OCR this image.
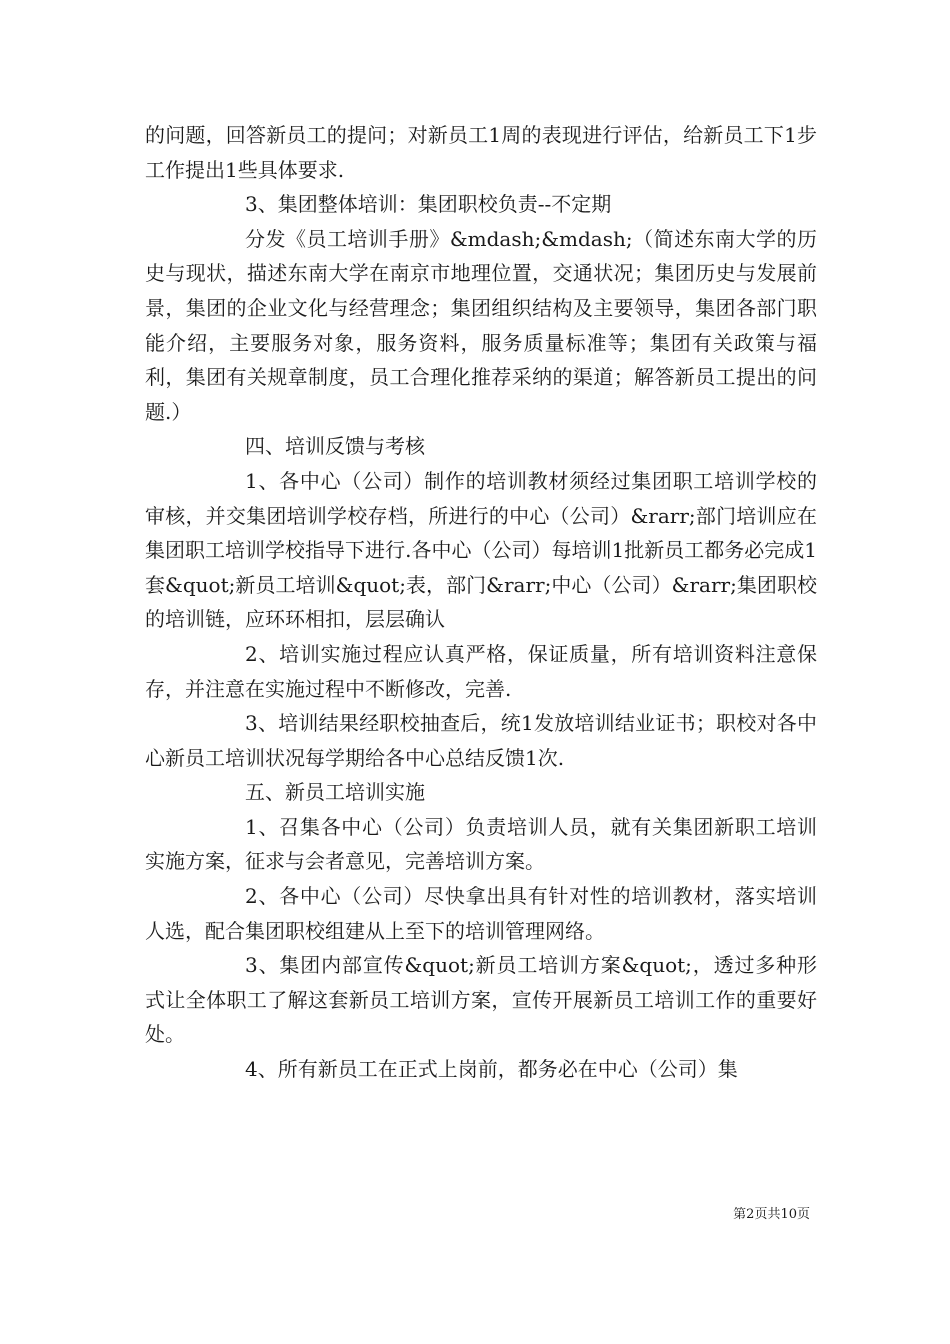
的问题，回答新员工的提问；对新员工1周的表现进行评估，给新员工下1步工作提出1些具体要求.

3、集团整体培训：集团职校负责--不定期

分发《员工培训手册》&mdash;&mdash;（简述东南大学的历史与现状，描述东南大学在南京市地理位置，交通状况；集团历史与发展前景，集团的企业文化与经营理念；集团组织结构及主要领导，集团各部门职能介绍，主要服务对象，服务资料，服务质量标准等；集团有关政策与福利，集团有关规章制度，员工合理化推荐采纳的渠道；解答新员工提出的问题.）

四、培训反馈与考核

1、各中心（公司）制作的培训教材须经过集团职工培训学校的审核，并交集团培训学校存档，所进行的中心（公司）&rarr;部门培训应在集团职工培训学校指导下进行.各中心（公司）每培训1批新员工都务必完成1套&quot;新员工培训&quot;表，部门&rarr;中心（公司）&rarr;集团职校的培训链，应环环相扣，层层确认

2、培训实施过程应认真严格，保证质量，所有培训资料注意保存，并注意在实施过程中不断修改，完善.

3、培训结果经职校抽查后，统1发放培训结业证书；职校对各中心新员工培训状况每学期给各中心总结反馈1次.

五、新员工培训实施

1、召集各中心（公司）负责培训人员，就有关集团新职工培训实施方案，征求与会者意见，完善培训方案。

2、各中心（公司）尽快拿出具有针对性的培训教材，落实培训人选，配合集团职校组建从上至下的培训管理网络。

3、集团内部宣传&quot;新员工培训方案&quot;，透过多种形式让全体职工了解这套新员工培训方案，宣传开展新员工培训工作的重要好处。

4、所有新员工在正式上岗前，都务必在中心（公司）集

第2页共10页
